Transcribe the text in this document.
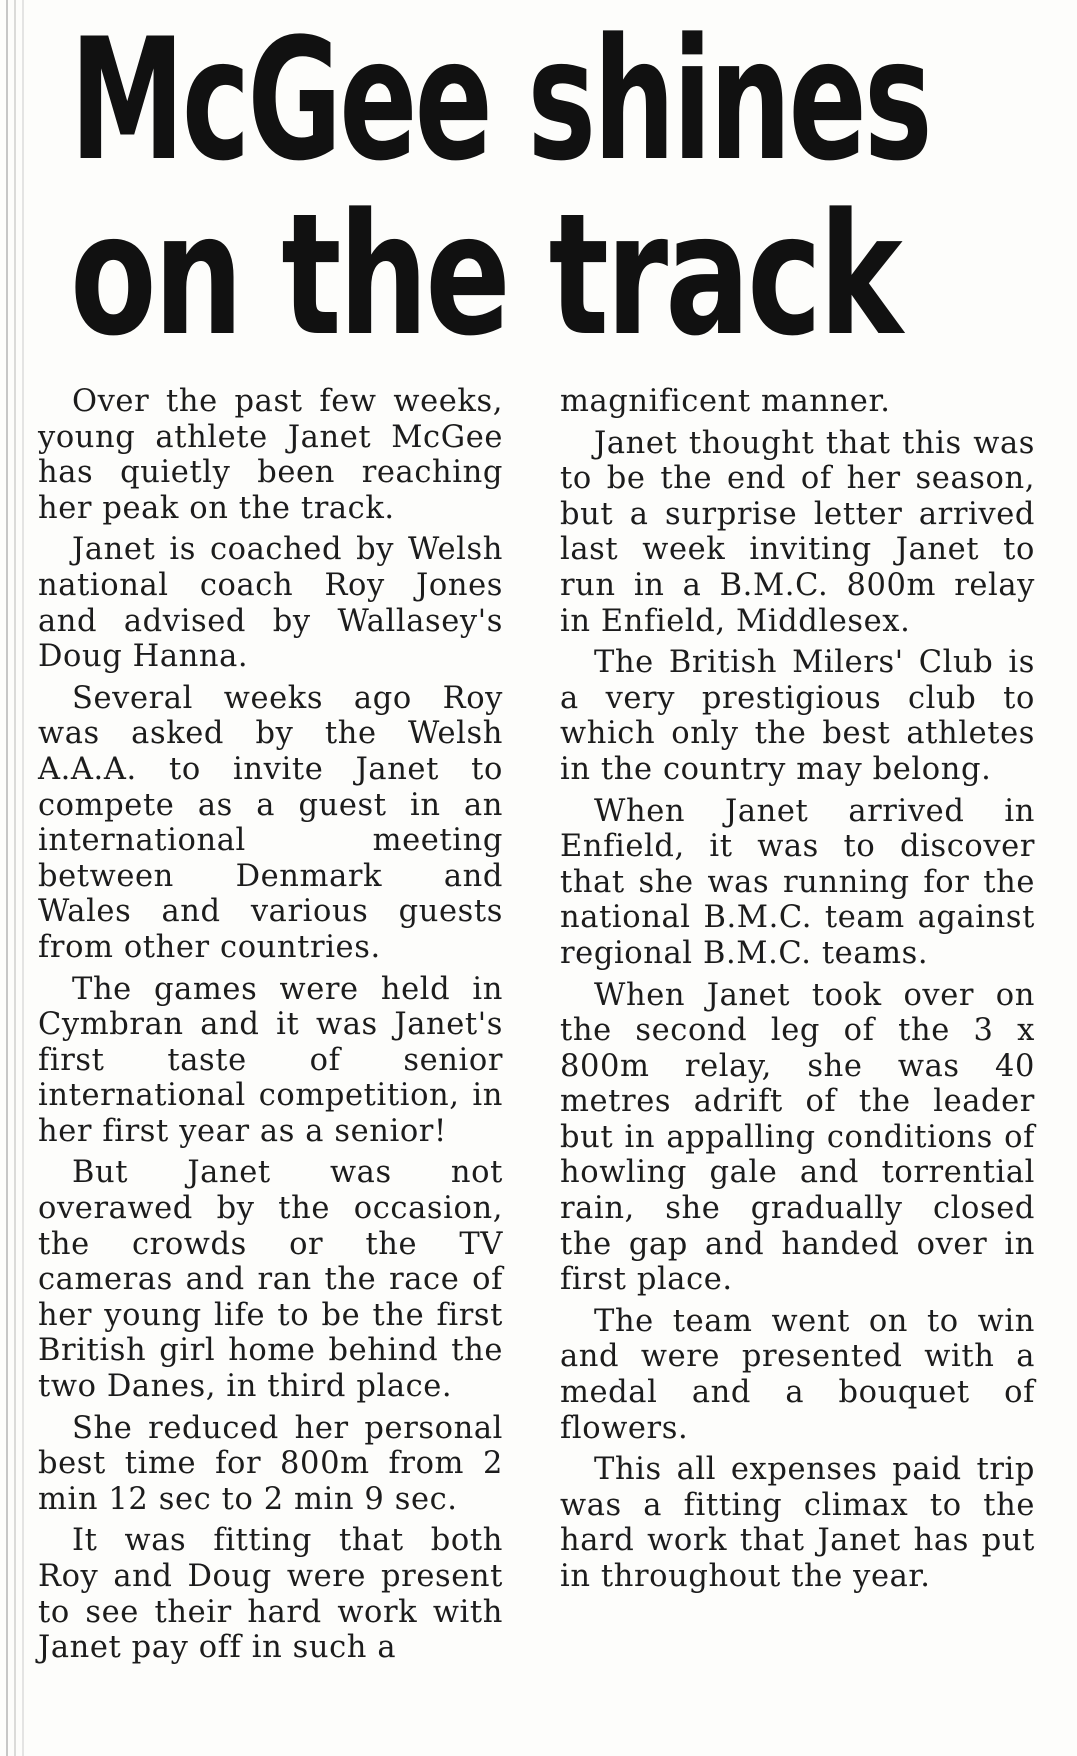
McGee shines
on the track

Over the past few weeks, young athlete Janet McGee has quietly been reaching her peak on the track.

Janet is coached by Welsh national coach Roy Jones and advised by Wallasey's Doug Hanna.

Several weeks ago Roy was asked by the Welsh A.A.A. to invite Janet to compete as a guest in an international meeting between Denmark and Wales and various guests from other countries.

The games were held in Cymbran and it was Janet's first taste of senior international competition, in her first year as a senior!

But Janet was not overawed by the occasion, the crowds or the TV cameras and ran the race of her young life to be the first British girl home behind the two Danes, in third place.

She reduced her personal best time for 800m from 2 min 12 sec to 2 min 9 sec.

It was fitting that both Roy and Doug were present to see their hard work with Janet pay off in such a

magnificent manner.

Janet thought that this was to be the end of her season, but a surprise letter arrived last week inviting Janet to run in a B.M.C. 800m relay in Enfield, Middlesex.

The British Milers' Club is a very prestigious club to which only the best athletes in the country may belong.

When Janet arrived in Enfield, it was to discover that she was running for the national B.M.C. team against regional B.M.C. teams.

When Janet took over on the second leg of the 3 x 800m relay, she was 40 metres adrift of the leader but in appalling conditions of howling gale and torrential rain, she gradually closed the gap and handed over in first place.

The team went on to win and were presented with a medal and a bouquet of flowers.

This all expenses paid trip was a fitting climax to the hard work that Janet has put in throughout the year.
